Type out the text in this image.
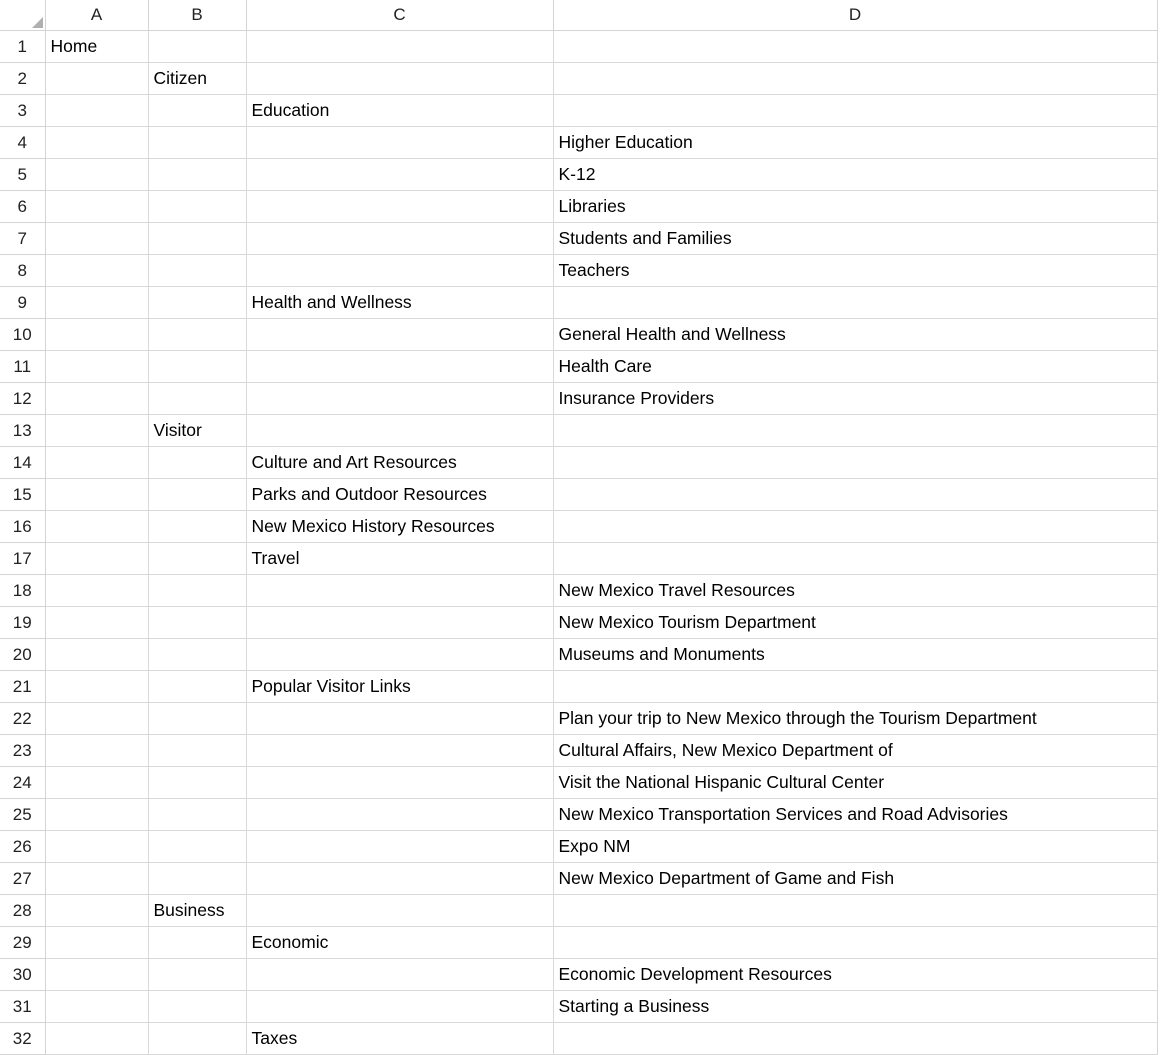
	A	B	C	D
1	Home			
2		Citizen		
3			Education	
4				Higher Education
5				K-12
6				Libraries
7				Students and Families
8				Teachers
9			Health and Wellness	
10				General Health and Wellness
11				Health Care
12				Insurance Providers
13		Visitor		
14			Culture and Art Resources	
15			Parks and Outdoor Resources	
16			New Mexico History Resources	
17			Travel	
18				New Mexico Travel Resources
19				New Mexico Tourism Department
20				Museums and Monuments
21			Popular Visitor Links	
22				Plan your trip to New Mexico through the Tourism Department
23				Cultural Affairs, New Mexico Department of
24				Visit the National Hispanic Cultural Center
25				New Mexico Transportation Services and Road Advisories
26				Expo NM
27				New Mexico Department of Game and Fish
28		Business		
29			Economic	
30				Economic Development Resources
31				Starting a Business
32			Taxes	
